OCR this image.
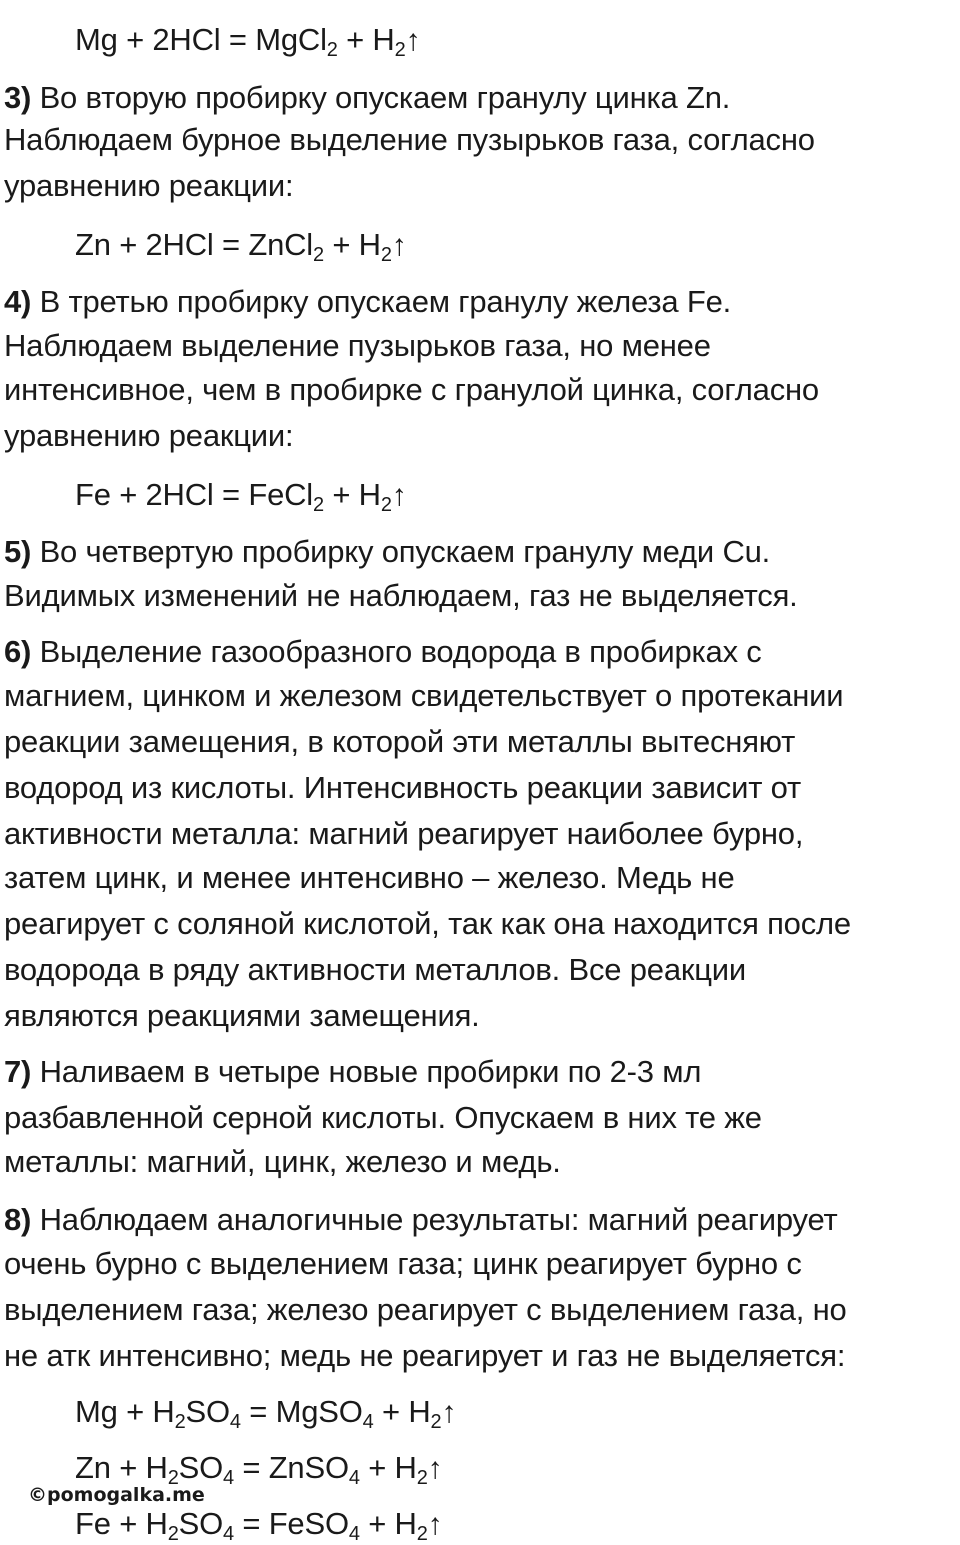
Mg + 2HCl = MgCl$_2$ + $H_2↑$
3) Во вторую пробирку опускаем гранулу цинка Zn.
Наблюдаем бурное выделение пузырьков газа, согласно
уравнению реакции:
Zn + 2HCl = ZnCl$_2$ + $H_2↑$
4) В третью пробирку опускаем гранулу железа Fe.
Наблюдаем выделение пузырьков газа, но менее
интенсивное, чем в пробирке с гранулой цинка, согласно
уравнению реакции:
Fe + 2HCl = FeCl$_2$ + $H_2↑$
5) Во четвертую пробирку опускаем гранулу меди Cu.
Видимых изменений не наблюдаем, газ не выделяется.
6) Выделение газообразного водорода в пробирках с
магнием, цинком и железом свидетельствует о протекании
реакции замещения, в которой эти металлы вытесняют
водород из кислоты. Интенсивность реакции зависит от
активности металла: магний реагирует наиболее бурно,
затем цинк, и менее интенсивно – железо. Медь не
реагирует с соляной кислотой, так как она находится после
водорода в ряду активности металлов. Все реакции
являются реакциями замещения.
7) Наливаем в четыре новые пробирки по 2-3 мл
разбавленной серной кислоты. Опускаем в них те же
металлы: магний, цинк, железо и медь.
8) Наблюдаем аналогичные результаты: магний реагирует
очень бурно с выделением газа; цинк реагирует бурно с
выделением газа; железо реагирует с выделением газа, но
не атк интенсивно; медь не реагирует и газ не выделяется:
$Mg + H_2SO_4$ = MgSO$_4$ + $H_2↑$
$Zn + H_2SO_4$ = ZnSO$_4$ + $H_2↑$
©pomogalka.me
$Fe + H_2SO_4$ = FeSO$_4$ + $H_2↑$
